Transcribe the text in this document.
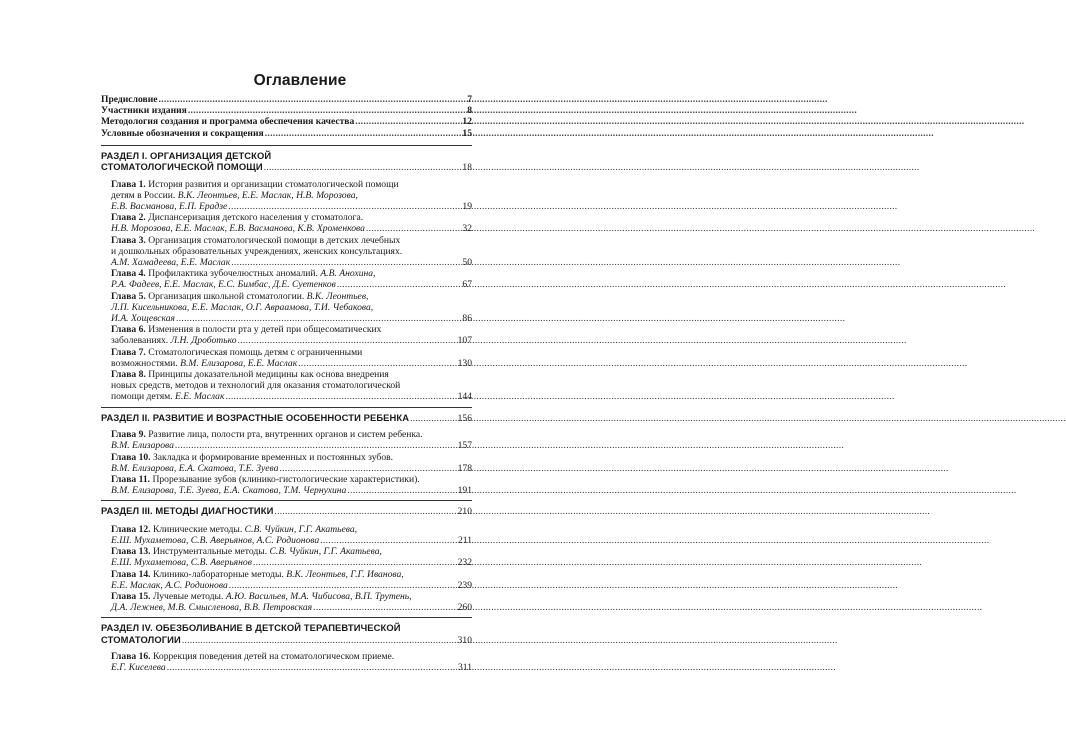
Оглавление
Предисловие .....	7
Участники издания .....	8
Методология создания и программа обеспечения качества .....	12
Условные обозначения и сокращения .....	15
РАЗДЕЛ I. ОРГАНИЗАЦИЯ ДЕТСКОЙ
СТОМАТОЛОГИЧЕСКОЙ ПОМОЩИ .....	18
Глава 1. История развития и организации стоматологической помощи
детям в России. В.К. Леонтьев, Е.Е. Маслак, Н.В. Морозова,
Е.В. Васманова, Е.П. Ерадзе .....	19
Глава 2. Диспансеризация детского населения у стоматолога.
Н.В. Морозова, Е.Е. Маслак, Е.В. Васманова, К.В. Хроменкова .....	32
Глава 3. Организация стоматологической помощи в детских лечебных
и дошкольных образовательных учреждениях, женских консультациях.
А.М. Хамадеева, Е.Е. Маслак .....	50
Глава 4. Профилактика зубочелюстных аномалий. А.В. Анохина,
Р.А. Фадеев, Е.Е. Маслак, Е.С. Бимбас, Д.Е. Суетенков .....	67
Глава 5. Организация школьной стоматологии. В.К. Леонтьев,
Л.П. Кисельникова, Е.Е. Маслак, О.Г. Авраамова, Т.И. Чебакова,
И.А. Хощевская .....	86
Глава 6. Изменения в полости рта у детей при общесоматических
заболеваниях. Л.Н. Дроботько .....	107
Глава 7. Стоматологическая помощь детям с ограниченными
возможностями. В.М. Елизарова, Е.Е. Маслак .....	130
Глава 8. Принципы доказательной медицины как основа внедрения
новых средств, методов и технологий для оказания стоматологической
помощи детям. Е.Е. Маслак .....	144
РАЗДЕЛ II. РАЗВИТИЕ И ВОЗРАСТНЫЕ ОСОБЕННОСТИ РЕБЕНКА .....	156
Глава 9. Развитие лица, полости рта, внутренних органов и систем ребенка.
В.М. Елизарова .....	157
Глава 10. Закладка и формирование временных и постоянных зубов.
В.М. Елизарова, Е.А. Скатова, Т.Е. Зуева .....	178
Глава 11. Прорезывание зубов (клинико-гистологические характеристики).
В.М. Елизарова, Т.Е. Зуева, Е.А. Скатова, Т.М. Чернухина .....	191
РАЗДЕЛ III. МЕТОДЫ ДИАГНОСТИКИ .....	210
Глава 12. Клинические методы. С.В. Чуйкин, Г.Г. Акатьева,
Е.Ш. Мухаметова, С.В. Аверьянов, А.С. Родионова .....	211
Глава 13. Инструментальные методы. С.В. Чуйкин, Г.Г. Акатьева,
Е.Ш. Мухаметова, С.В. Аверьянов .....	232
Глава 14. Клинико-лабораторные методы. В.К. Леонтьев, Г.Г. Иванова,
Е.Е. Маслак, А.С. Родионова .....	239
Глава 15. Лучевые методы. А.Ю. Васильев, М.А. Чибисова, В.П. Трутень,
Д.А. Лежнев, М.В. Смысленова, В.В. Петровская .....	260
РАЗДЕЛ IV. ОБЕЗБОЛИВАНИЕ В ДЕТСКОЙ ТЕРАПЕВТИЧЕСКОЙ
СТОМАТОЛОГИИ .....	310
Глава 16. Коррекция поведения детей на стоматологическом приеме.
Е.Г. Киселева .....	311
